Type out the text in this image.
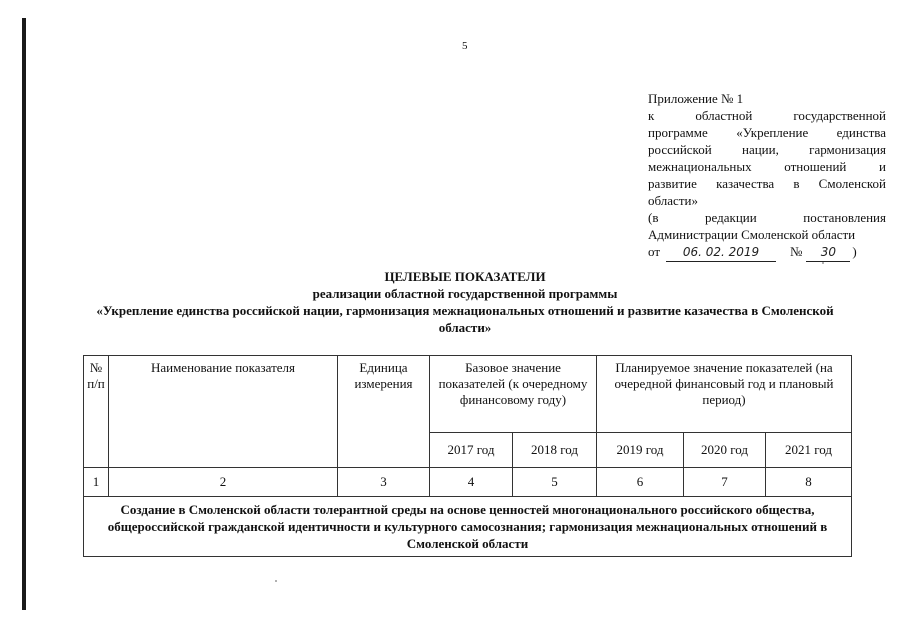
5
Приложение № 1
к областной государственной
программе «Укрепление единства
российской нации, гармонизация
межнациональных отношений и
развитие казачества в Смоленской
области»
(в редакции постановления
Администрации Смоленской области
от	06. 02. 2019	№	30	)
ЦЕЛЕВЫЕ ПОКАЗАТЕЛИ
реализации областной государственной программы
«Укрепление единства российской нации, гармонизация межнациональных отношений и развитие казачества в Смоленской области»
№ п/п	Наименование показателя	Единица измерения	Базовое значение показателей (к очередному финансовому году)		Планируемое значение показателей (на очередной финансовый год и плановый период)		
			2017 год	2018 год	2019 год	2020 год	2021 год
1	2	3	4	5	6	7	8
Создание в Смоленской области толерантной среды на основе ценностей многонационального российского общества, общероссийской гражданской идентичности и культурного самосознания; гармонизация межнациональных отношений в Смоленской области							
